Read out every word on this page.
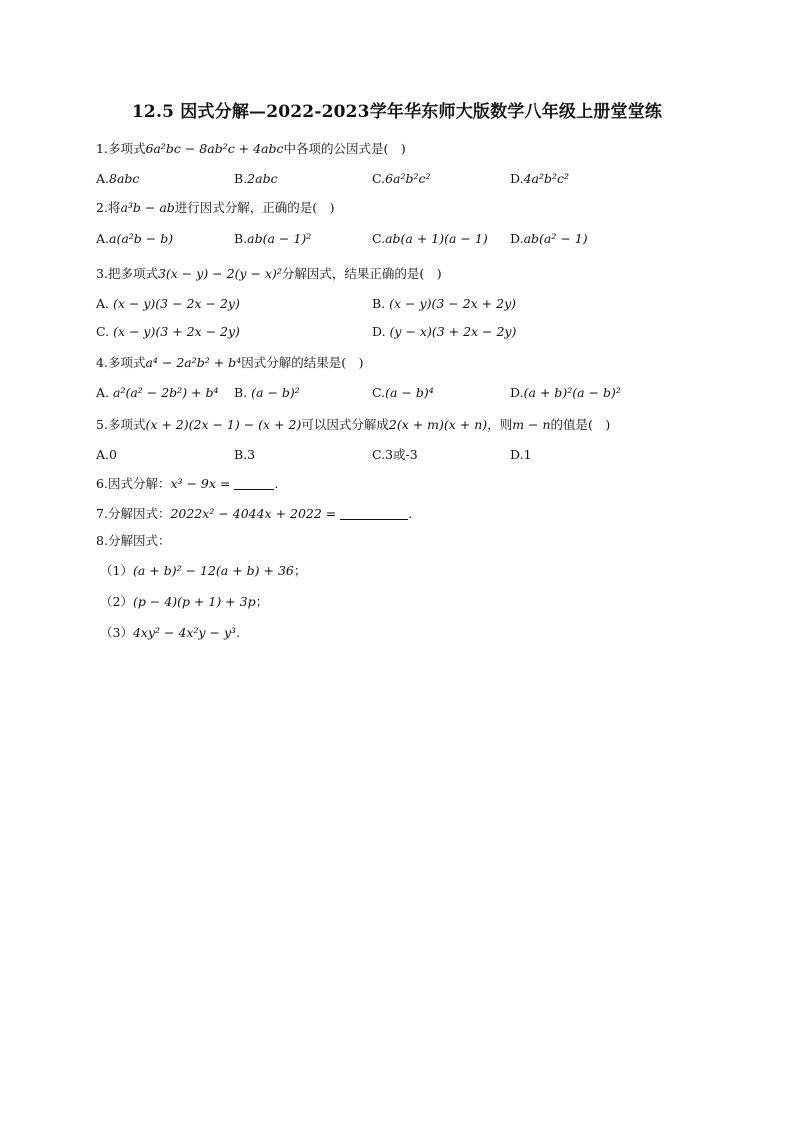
12.5 因式分解—2022-2023学年华东师大版数学八年级上册堂堂练
1.多项式6a²bc − 8ab²c + 4abc中各项的公因式是(　)
A.8abc	B.2abc	C.6a²b²c²	D.4a²b²c²
2.将a³b − ab进行因式分解，正确的是(　)
A.a(a²b − b)	B.ab(a − 1)²	C.ab(a + 1)(a − 1) D.ab(a² − 1)
3.把多项式3(x − y) − 2(y − x)²分解因式，结果正确的是(　)
A. (x − y)(3 − 2x − 2y)	B. (x − y)(3 − 2x + 2y)
C. (x − y)(3 + 2x − 2y)	D. (y − x)(3 + 2x − 2y)
4.多项式a⁴ − 2a²b² + b⁴因式分解的结果是(　)
A. a²(a² − 2b²) + b⁴ B. (a − b)²	C.(a − b)⁴	D.(a + b)²(a − b)²
5.多项式(x + 2)(2x − 1) − (x + 2)可以因式分解成2(x + m)(x + n)，则m − n的值是(　)
A.0	B.3	C.3或-3	D.1
6.因式分解：x³ − 9x =	.
7.分解因式：2022x² − 4044x + 2022 =	.
8.分解因式：
（1）(a + b)² − 12(a + b) + 36；
（2）(p − 4)(p + 1) + 3p；
（3）4xy² − 4x²y − y³.
